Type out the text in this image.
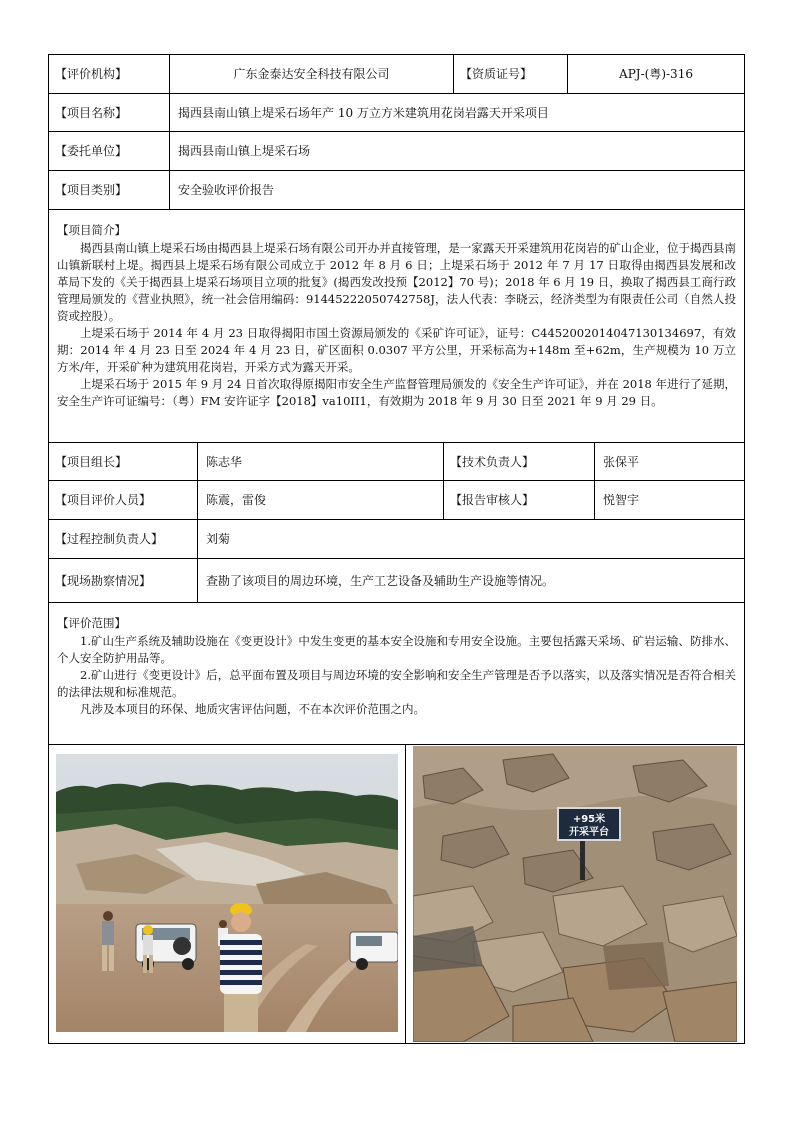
【评价机构】	广东金泰达安全科技有限公司	【资质证号】	APJ-(粤)-316
【项目名称】	揭西县南山镇上堤采石场年产 10 万立方米建筑用花岗岩露天开采项目
【委托单位】	揭西县南山镇上堤采石场
【项目类别】	安全验收评价报告

【项目简介】

揭西县南山镇上堤采石场由揭西县上堤采石场有限公司开办并直接管理，是一家露天开采建筑用花岗岩的矿山企业，位于揭西县南山镇新联村上堤。揭西县上堤采石场有限公司成立于 2012 年 8 月 6 日；上堤采石场于 2012 年 7 月 17 日取得由揭西县发展和改革局下发的《关于揭西县上堤采石场项目立项的批复》(揭西发改投预【2012】70 号)；2018 年 6 月 19 日，换取了揭西县工商行政管理局颁发的《营业执照》，统一社会信用编码：91445222050742758J，法人代表：李晓云，经济类型为有限责任公司（自然人投资或控股）。

上堤采石场于 2014 年 4 月 23 日取得揭阳市国土资源局颁发的《采矿许可证》，证号：C4452002014047130134697，有效期：2014 年 4 月 23 日至 2024 年 4 月 23 日，矿区面积 0.0307 平方公里，开采标高为+148m 至+62m，生产规模为 10 万立方米/年，开采矿种为建筑用花岗岩，开采方式为露天开采。

上堤采石场于 2015 年 9 月 24 日首次取得原揭阳市安全生产监督管理局颁发的《安全生产许可证》，并在 2018 年进行了延期，安全生产许可证编号：（粤）FM 安许证字【2018】va10II1，有效期为 2018 年 9 月 30 日至 2021 年 9 月 29 日。

【项目组长】	陈志华	【技术负责人】	张保平
【项目评价人员】	陈震，雷俊	【报告审核人】	悦智宇
【过程控制负责人】	刘菊
【现场勘察情况】	查勘了该项目的周边环境，生产工艺设备及辅助生产设施等情况。

【评价范围】

1.矿山生产系统及辅助设施在《变更设计》中发生变更的基本安全设施和专用安全设施。主要包括露天采场、矿岩运输、防排水、个人安全防护用品等。

2.矿山进行《变更设计》后，总平面布置及项目与周边环境的安全影响和安全生产管理是否予以落实，以及落实情况是否符合相关的法律法规和标准规范。

凡涉及本项目的环保、地质灾害评估问题，不在本次评价范围之内。

+95米
开采平台
